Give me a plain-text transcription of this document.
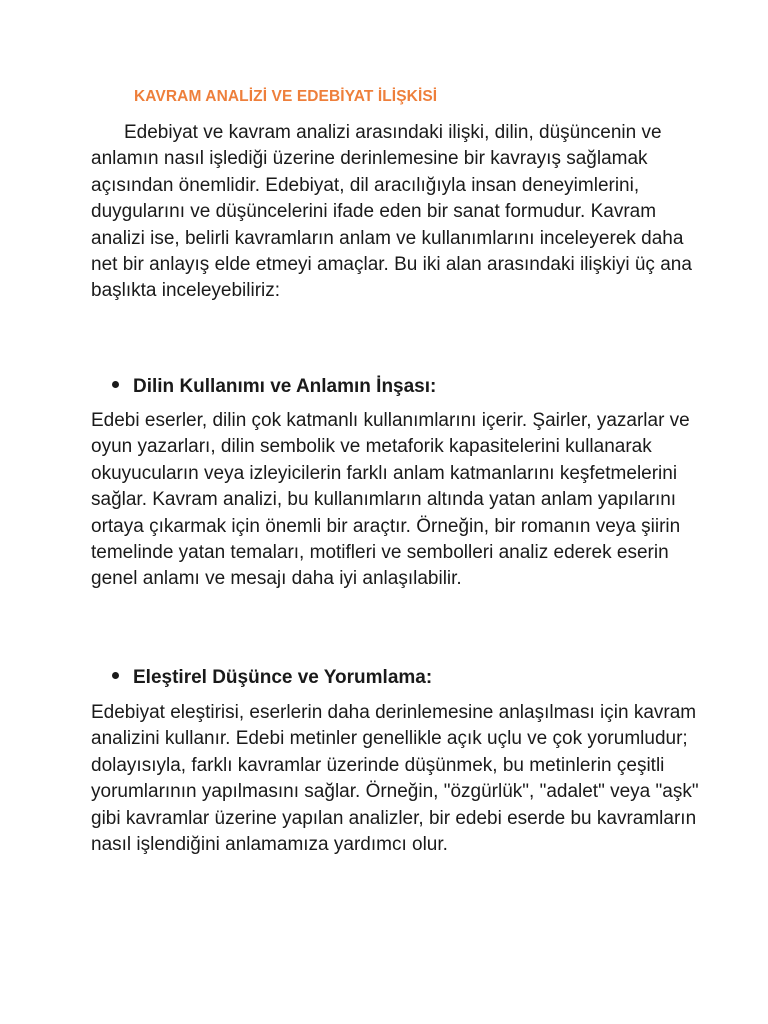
KAVRAM ANALİZİ VE EDEBİYAT İLİŞKİSİ

Edebiyat ve kavram analizi arasındaki ilişki, dilin, düşüncenin ve anlamın nasıl işlediği üzerine derinlemesine bir kavrayış sağlamak açısından önemlidir. Edebiyat, dil aracılığıyla insan deneyimlerini, duygularını ve düşüncelerini ifade eden bir sanat formudur. Kavram analizi ise, belirli kavramların anlam ve kullanımlarını inceleyerek daha net bir anlayış elde etmeyi amaçlar. Bu iki alan arasındaki ilişkiyi üç ana başlıkta inceleyebiliriz:

Dilin Kullanımı ve Anlamın İnşası:

Edebi eserler, dilin çok katmanlı kullanımlarını içerir. Şairler, yazarlar ve oyun yazarları, dilin sembolik ve metaforik kapasitelerini kullanarak okuyucuların veya izleyicilerin farklı anlam katmanlarını keşfetmelerini sağlar. Kavram analizi, bu kullanımların altında yatan anlam yapılarını ortaya çıkarmak için önemli bir araçtır. Örneğin, bir romanın veya şiirin temelinde yatan temaları, motifleri ve sembolleri analiz ederek eserin genel anlamı ve mesajı daha iyi anlaşılabilir.

Eleştirel Düşünce ve Yorumlama:

Edebiyat eleştirisi, eserlerin daha derinlemesine anlaşılması için kavram analizini kullanır. Edebi metinler genellikle açık uçlu ve çok yorumludur; dolayısıyla, farklı kavramlar üzerinde düşünmek, bu metinlerin çeşitli yorumlarının yapılmasını sağlar. Örneğin, "özgürlük", "adalet" veya "aşk" gibi kavramlar üzerine yapılan analizler, bir edebi eserde bu kavramların nasıl işlendiğini anlamamıza yardımcı olur.
